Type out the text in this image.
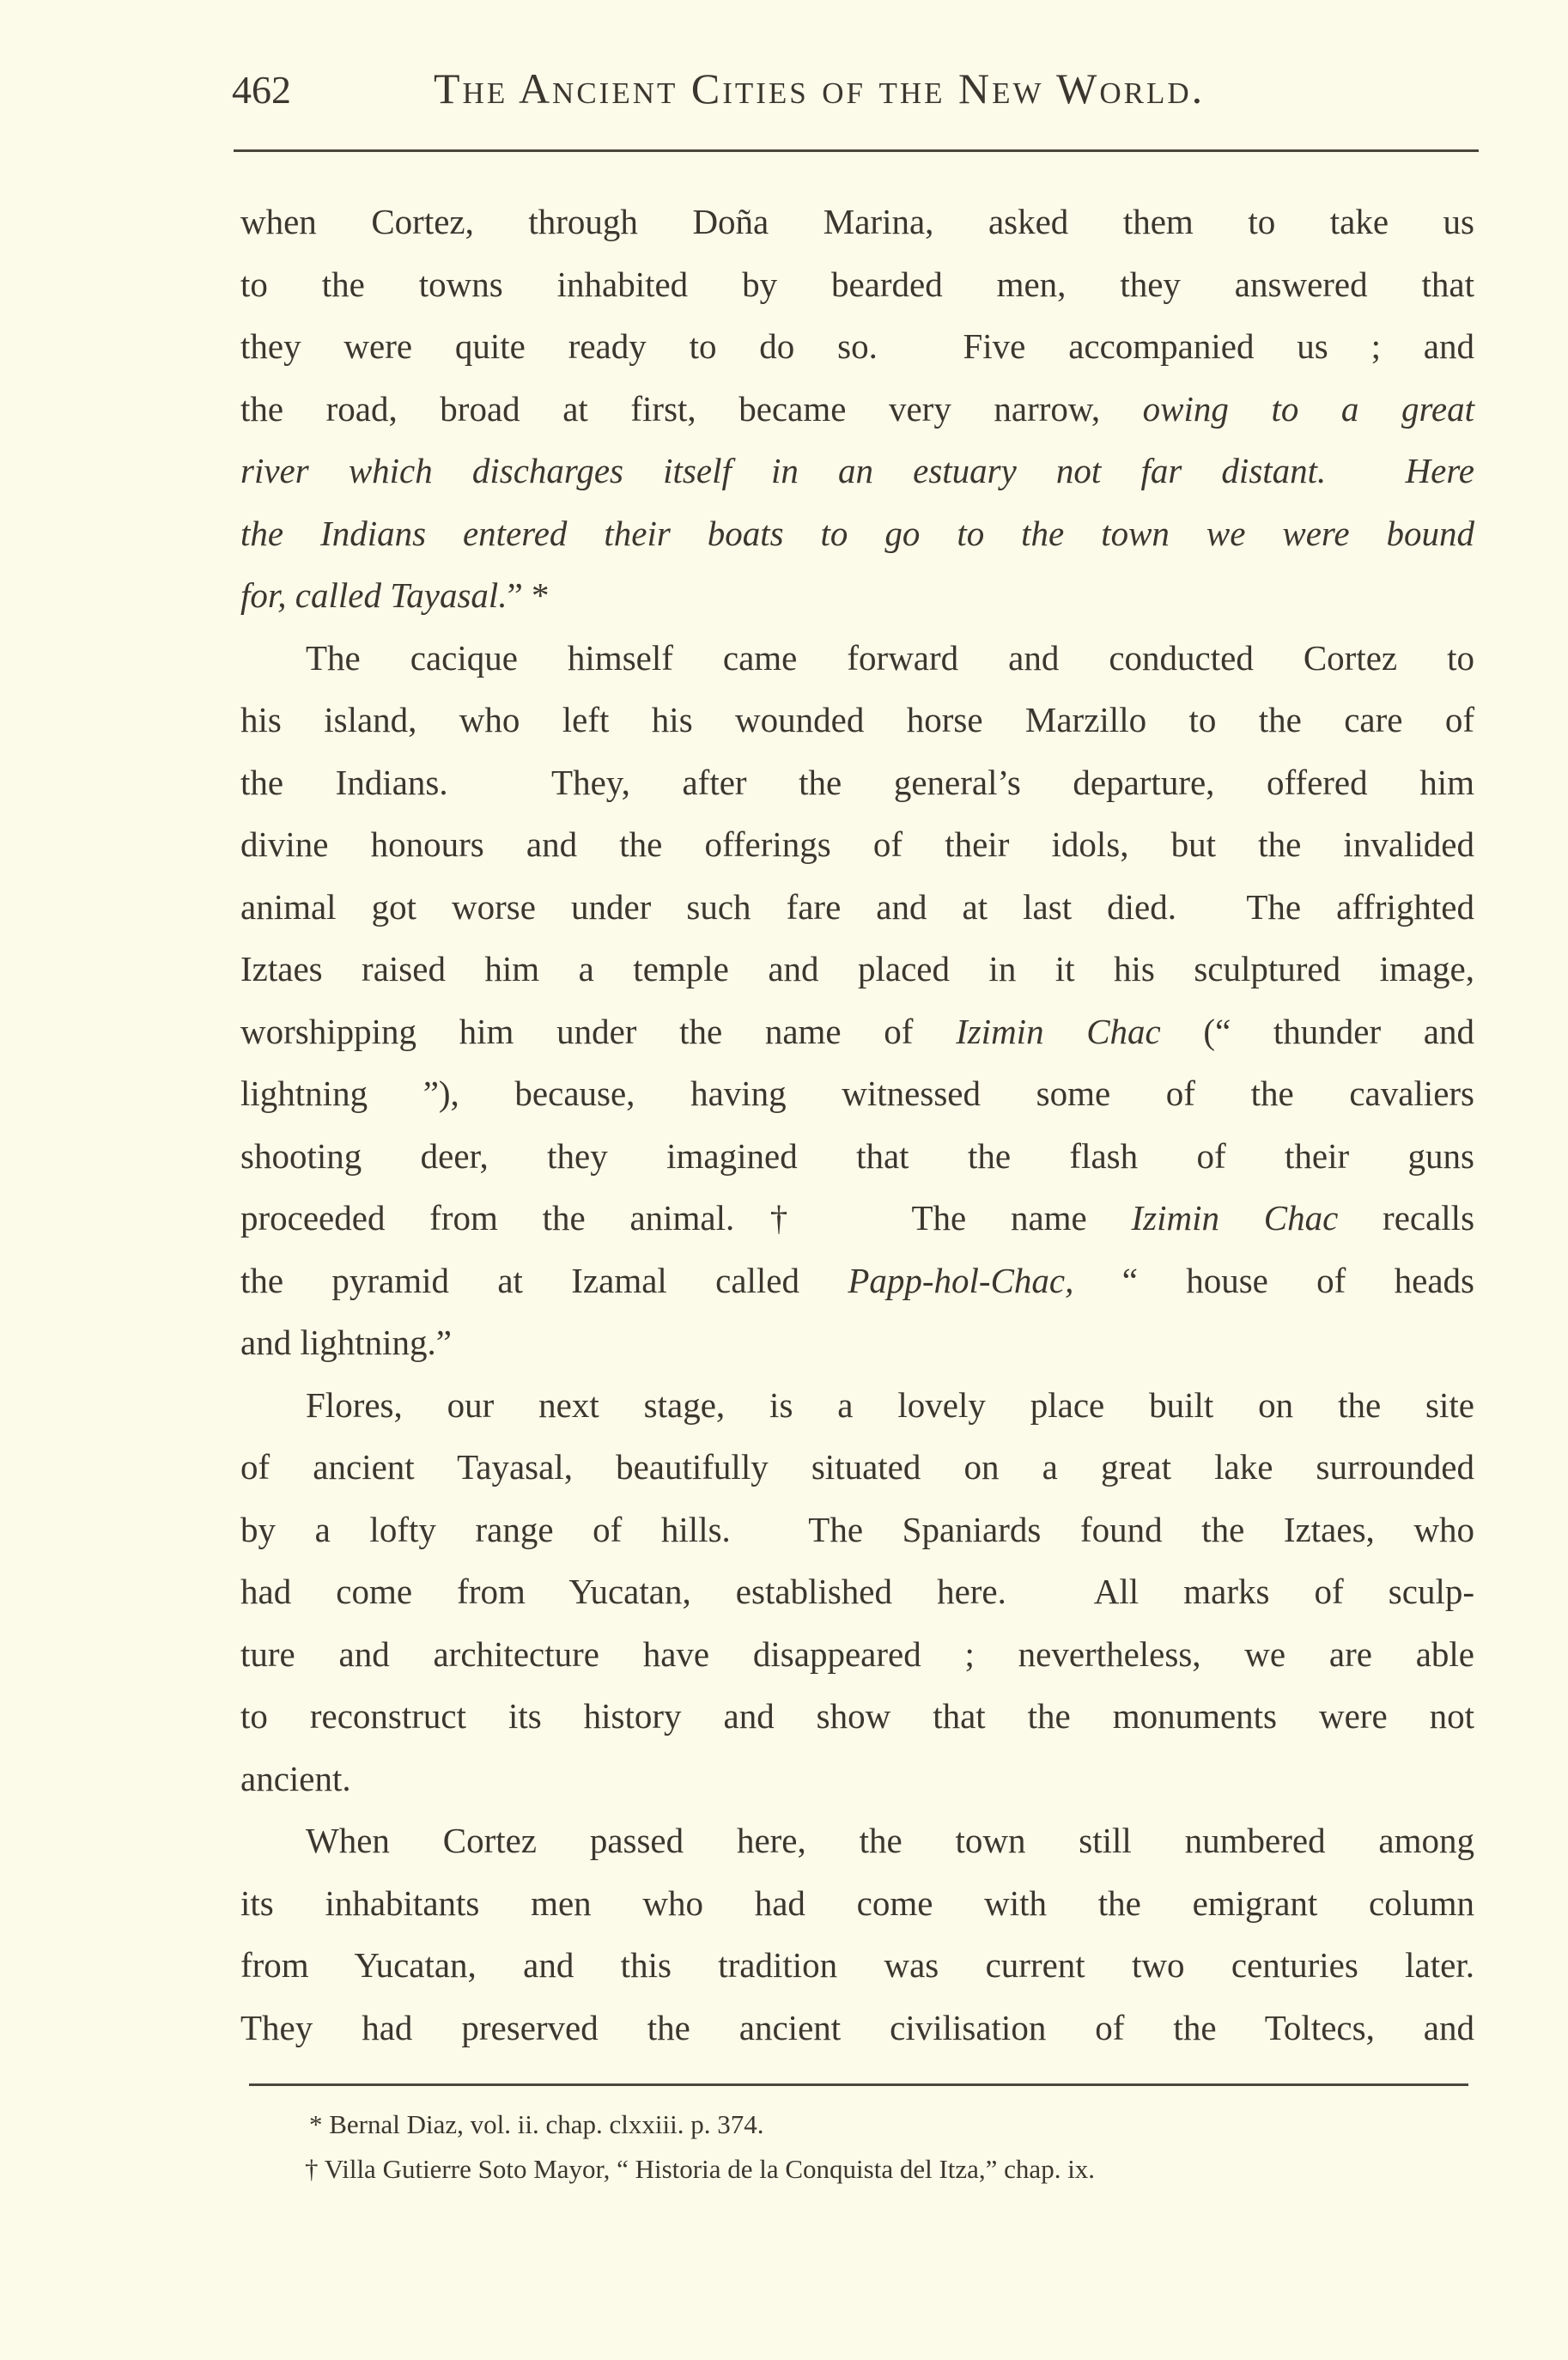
462	The Ancient Cities of the New World.
when Cortez, through Doña Marina, asked them to take us
to the towns inhabited by bearded men, they answered that
they were quite ready to do so.  Five accompanied us ; and
the road, broad at first, became very narrow, owing to a great
river which discharges itself in an estuary not far distant.  Here
the Indians entered their boats to go to the town we were bound
for, called Tayasal.” *
The cacique himself came forward and conducted Cortez to
his island, who left his wounded horse Marzillo to the care of
the Indians.  They, after the general’s departure, offered him
divine honours and the offerings of their idols, but the invalided
animal got worse under such fare and at last died.  The affrighted
Iztaes raised him a temple and placed in it his sculptured image,
worshipping him under the name of Izimin Chac (“ thunder and
lightning ”), because, having witnessed some of the cavaliers
shooting deer, they imagined that the flash of their guns
proceeded from the animal.†  The name Izimin Chac recalls
the pyramid at Izamal called Papp-hol-Chac, “ house of heads
and lightning.”
Flores, our next stage, is a lovely place built on the site
of ancient Tayasal, beautifully situated on a great lake surrounded
by a lofty range of hills.  The Spaniards found the Iztaes, who
had come from Yucatan, established here.  All marks of sculp-
ture and architecture have disappeared ; nevertheless, we are able
to reconstruct its history and show that the monuments were not
ancient.
When Cortez passed here, the town still numbered among
its inhabitants men who had come with the emigrant column
from Yucatan, and this tradition was current two centuries later.
They had preserved the ancient civilisation of the Toltecs, and
* Bernal Diaz, vol. ii. chap. clxxiii. p. 374.
† Villa Gutierre Soto Mayor, “ Historia de la Conquista del Itza,” chap. ix.
